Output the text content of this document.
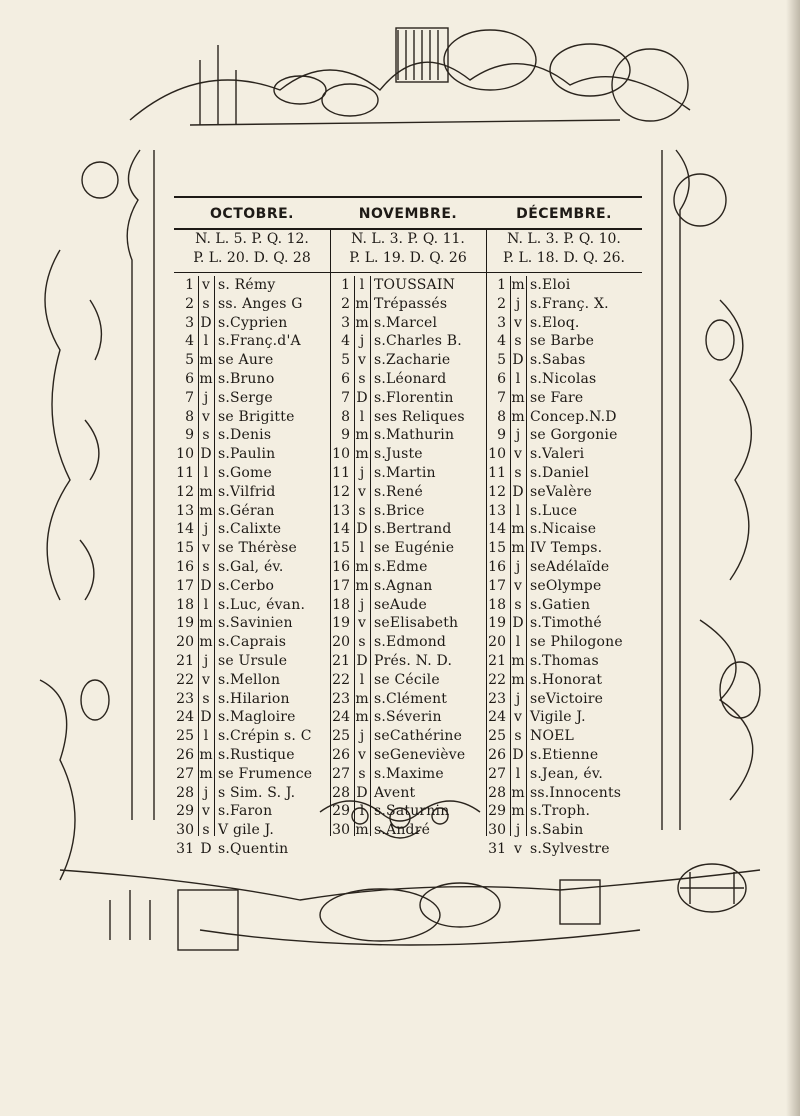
OCTOBRE.	NOVEMBRE.	DÉCEMBRE.
N. L. 5. P. Q. 12.
P. L. 20. D. Q. 28
N. L. 3. P. Q. 11.
P. L. 19. D. Q. 26
N. L. 3. P. Q. 10.
P. L. 18. D. Q. 26.
1 v s. Rémy
2 s ss. Anges G
3 D s.Cyprien
4 l s.Franç.d'A
5 m se Aure
6 m s.Bruno
7 j s.Serge
8 v se Brigitte
9 s s.Denis
10 D s.Paulin
11 l s.Gome
12 m s.Vilfrid
13 m s.Géran
14 j s.Calixte
15 v se Thérèse
16 s s.Gal, év.
17 D s.Cerbo
18 l s.Luc, évan.
19 m s.Savinien
20 m s.Caprais
21 j se Ursule
22 v s.Mellon
23 s s.Hilarion
24 D s.Magloire
25 l s.Crépin s. C
26 m s.Rustique
27 m se Frumence
28 j s Sim. S. J.
29 v s.Faron
30 s V gile J.
31 D s.Quentin
1 l TOUSSAIN
2 m Trépassés
3 m s.Marcel
4 j s.Charles B.
5 v s.Zacharie
6 s s.Léonard
7 D s.Florentin
8 l ses Reliques
9 m s.Mathurin
10 m s.Juste
11 j s.Martin
12 v s.René
13 s s.Brice
14 D s.Bertrand
15 l se Eugénie
16 m s.Edme
17 m s.Agnan
18 j seAude
19 v seElisabeth
20 s s.Edmond
21 D Prés. N. D.
22 l se Cécile
23 m s.Clément
24 m s.Séverin
25 j seCathérine
26 v seGeneviève
27 s s.Maxime
28 D Avent
29 l s.Saturnin
30 m s.André
1 m s.Eloi
2 j s.Franç. X.
3 v s.Eloq.
4 s se Barbe
5 D s.Sabas
6 l s.Nicolas
7 m se Fare
8 m Concep.N.D
9 j se Gorgonie
10 v s.Valeri
11 s s.Daniel
12 D seValère
13 l s.Luce
14 m s.Nicaise
15 m IV Temps.
16 j seAdélaïde
17 v seOlympe
18 s s.Gatien
19 D s.Timothé
20 l se Philogone
21 m s.Thomas
22 m s.Honorat
23 j seVictoire
24 v Vigile J.
25 s NOEL
26 D s.Etienne
27 l s.Jean, év.
28 m ss.Innocents
29 m s.Troph.
30 j s.Sabin
31 v s.Sylvestre
